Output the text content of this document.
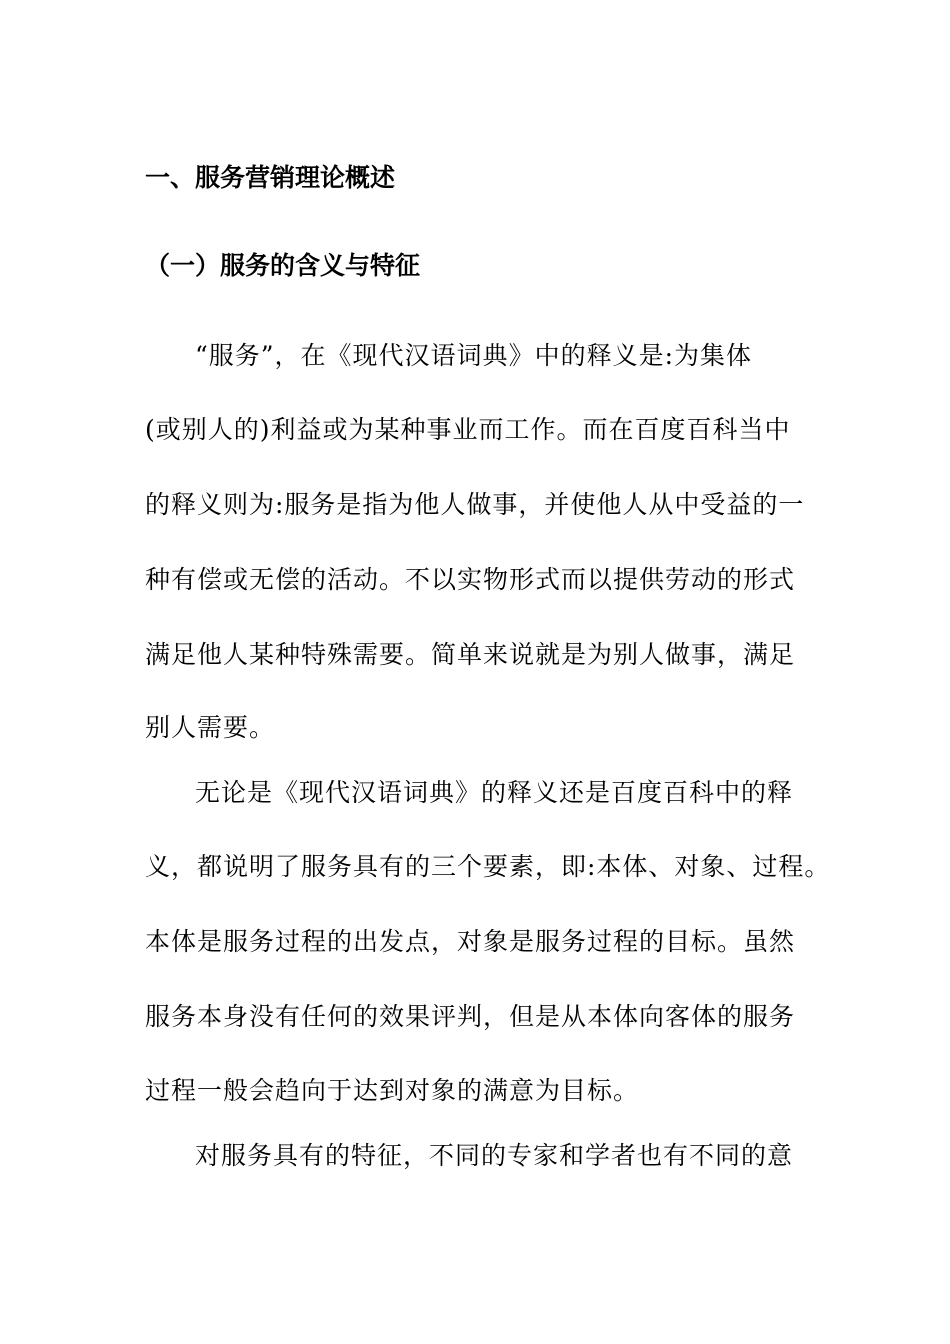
一、服务营销理论概述
（一）服务的含义与特征
“服务”，在《现代汉语词典》中的释义是:为集体
(或别人的)利益或为某种事业而工作。而在百度百科当中
的释义则为:服务是指为他人做事，并使他人从中受益的一
种有偿或无偿的活动。不以实物形式而以提供劳动的形式
满足他人某种特殊需要。简单来说就是为别人做事，满足
别人需要。
无论是《现代汉语词典》的释义还是百度百科中的释
义，都说明了服务具有的三个要素，即:本体、对象、过程。
本体是服务过程的出发点，对象是服务过程的目标。虽然
服务本身没有任何的效果评判，但是从本体向客体的服务
过程一般会趋向于达到对象的满意为目标。
对服务具有的特征，不同的专家和学者也有不同的意
